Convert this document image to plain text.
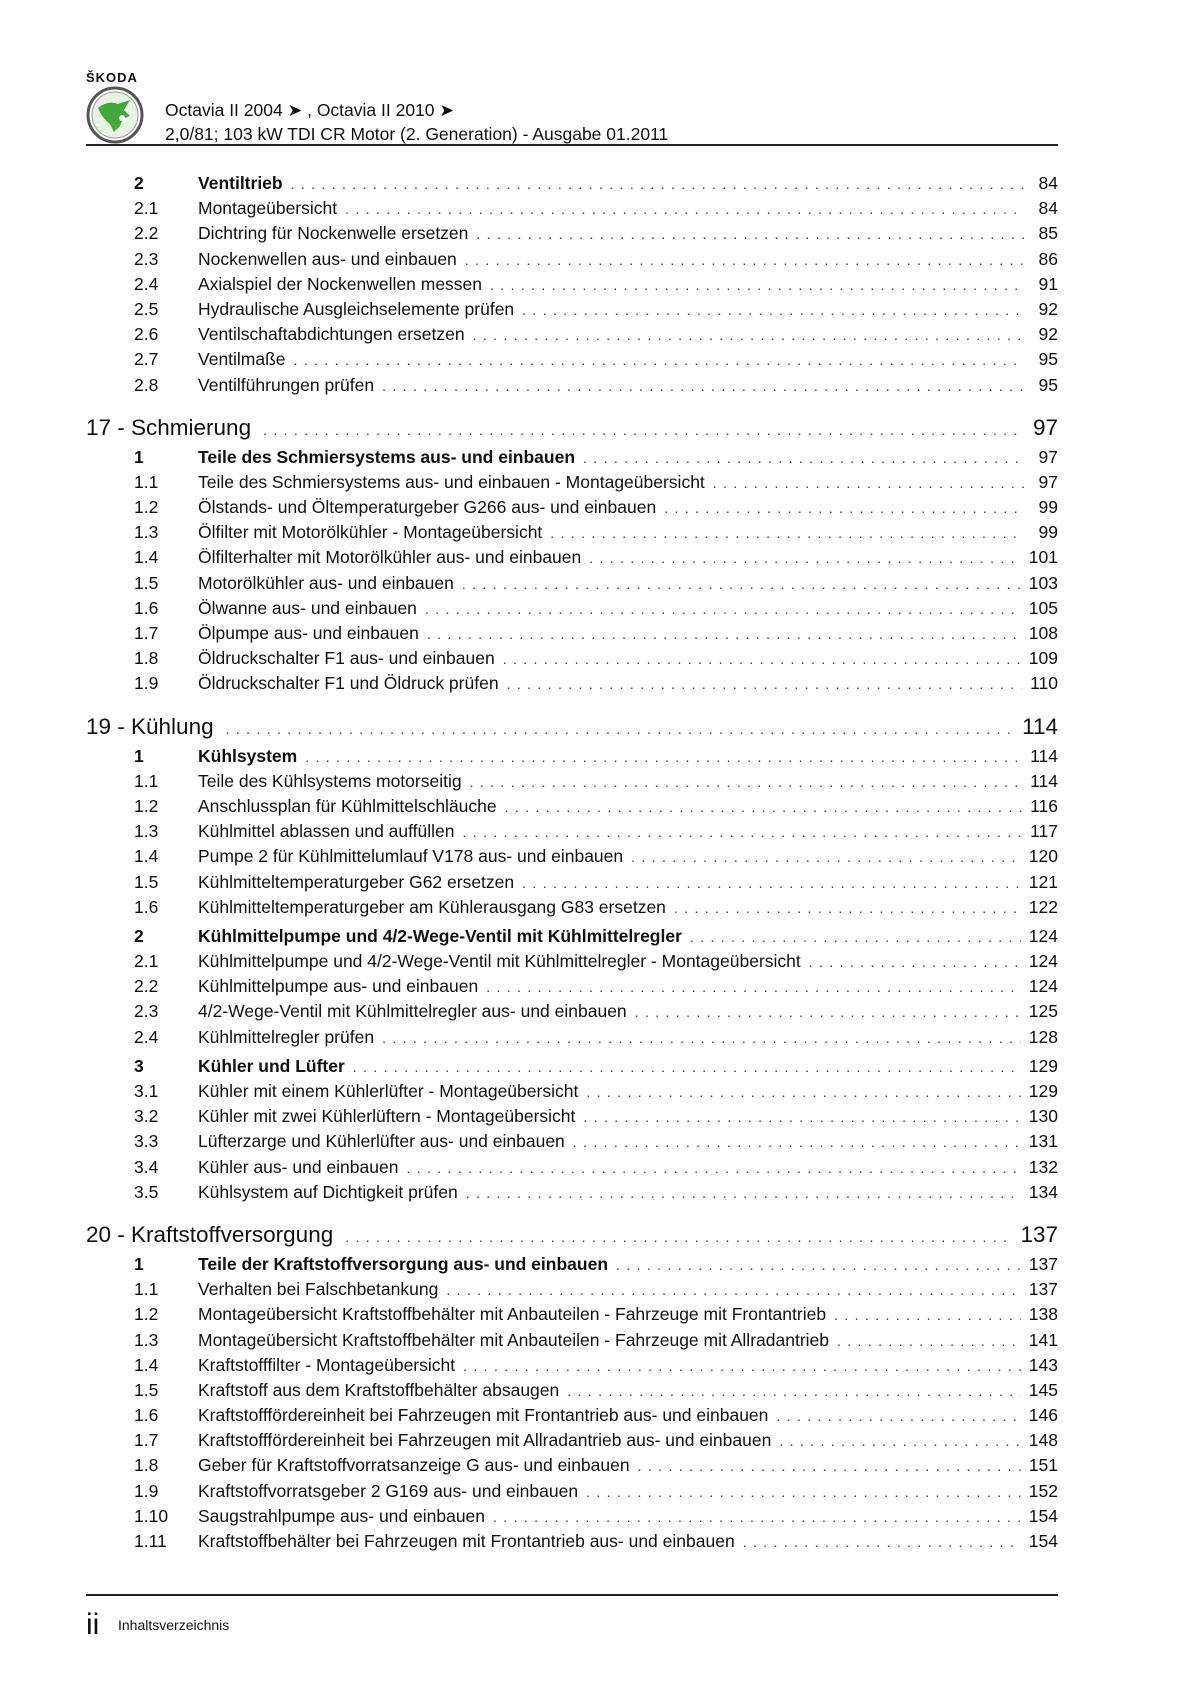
ŠKODA
Octavia II 2004 ➤ , Octavia II 2010 ➤
2,0/81; 103 kW TDI CR Motor (2. Generation) - Ausgabe 01.2011
2	Ventiltrieb . . .	84
2.1	Montageübersicht . . .	84
2.2	Dichtring für Nockenwelle ersetzen . . .	85
2.3	Nockenwellen aus- und einbauen . . .	86
2.4	Axialspiel der Nockenwellen messen . . .	91
2.5	Hydraulische Ausgleichselemente prüfen . . .	92
2.6	Ventilschaftabdichtungen ersetzen . . .	92
2.7	Ventilmaße . . .	95
2.8	Ventilführungen prüfen . . .	95
17 - Schmierung . . .	97
1	Teile des Schmiersystems aus- und einbauen . . .	97
1.1	Teile des Schmiersystems aus- und einbauen - Montageübersicht . . .	97
1.2	Ölstands- und Öltemperaturgeber G266 aus- und einbauen . . .	99
1.3	Ölfilter mit Motorölkühler - Montageübersicht . . .	99
1.4	Ölfilterhalter mit Motorölkühler aus- und einbauen . . .	101
1.5	Motorölkühler aus- und einbauen . . .	103
1.6	Ölwanne aus- und einbauen . . .	105
1.7	Ölpumpe aus- und einbauen . . .	108
1.8	Öldruckschalter F1 aus- und einbauen . . .	109
1.9	Öldruckschalter F1 und Öldruck prüfen . . .	110
19 - Kühlung . . .	114
1	Kühlsystem . . .	114
1.1	Teile des Kühlsystems motorseitig . . .	114
1.2	Anschlussplan für Kühlmittelschläuche . . .	116
1.3	Kühlmittel ablassen und auffüllen . . .	117
1.4	Pumpe 2 für Kühlmittelumlauf V178 aus- und einbauen . . .	120
1.5	Kühlmitteltemperaturgeber G62 ersetzen . . .	121
1.6	Kühlmitteltemperaturgeber am Kühlerausgang G83 ersetzen . . .	122
2	Kühlmittelpumpe und 4/2-Wege-Ventil mit Kühlmittelregler . . .	124
2.1	Kühlmittelpumpe und 4/2-Wege-Ventil mit Kühlmittelregler - Montageübersicht . . .	124
2.2	Kühlmittelpumpe aus- und einbauen . . .	124
2.3	4/2-Wege-Ventil mit Kühlmittelregler aus- und einbauen . . .	125
2.4	Kühlmittelregler prüfen . . .	128
3	Kühler und Lüfter . . .	129
3.1	Kühler mit einem Kühlerlüfter - Montageübersicht . . .	129
3.2	Kühler mit zwei Kühlerlüftern - Montageübersicht . . .	130
3.3	Lüfterzarge und Kühlerlüfter aus- und einbauen . . .	131
3.4	Kühler aus- und einbauen . . .	132
3.5	Kühlsystem auf Dichtigkeit prüfen . . .	134
20 - Kraftstoffversorgung . . .	137
1	Teile der Kraftstoffversorgung aus- und einbauen . . .	137
1.1	Verhalten bei Falschbetankung . . .	137
1.2	Montageübersicht Kraftstoffbehälter mit Anbauteilen - Fahrzeuge mit Frontantrieb . . .	138
1.3	Montageübersicht Kraftstoffbehälter mit Anbauteilen - Fahrzeuge mit Allradantrieb . . .	141
1.4	Kraftstofffilter - Montageübersicht . . .	143
1.5	Kraftstoff aus dem Kraftstoffbehälter absaugen . . .	145
1.6	Kraftstofffördereinheit bei Fahrzeugen mit Frontantrieb aus- und einbauen . . .	146
1.7	Kraftstofffördereinheit bei Fahrzeugen mit Allradantrieb aus- und einbauen . . .	148
1.8	Geber für Kraftstoffvorratsanzeige G aus- und einbauen . . .	151
1.9	Kraftstoffvorratsgeber 2 G169 aus- und einbauen . . .	152
1.10	Saugstrahlpumpe aus- und einbauen . . .	154
1.11	Kraftstoffbehälter bei Fahrzeugen mit Frontantrieb aus- und einbauen . . .	154
ii Inhaltsverzeichnis
